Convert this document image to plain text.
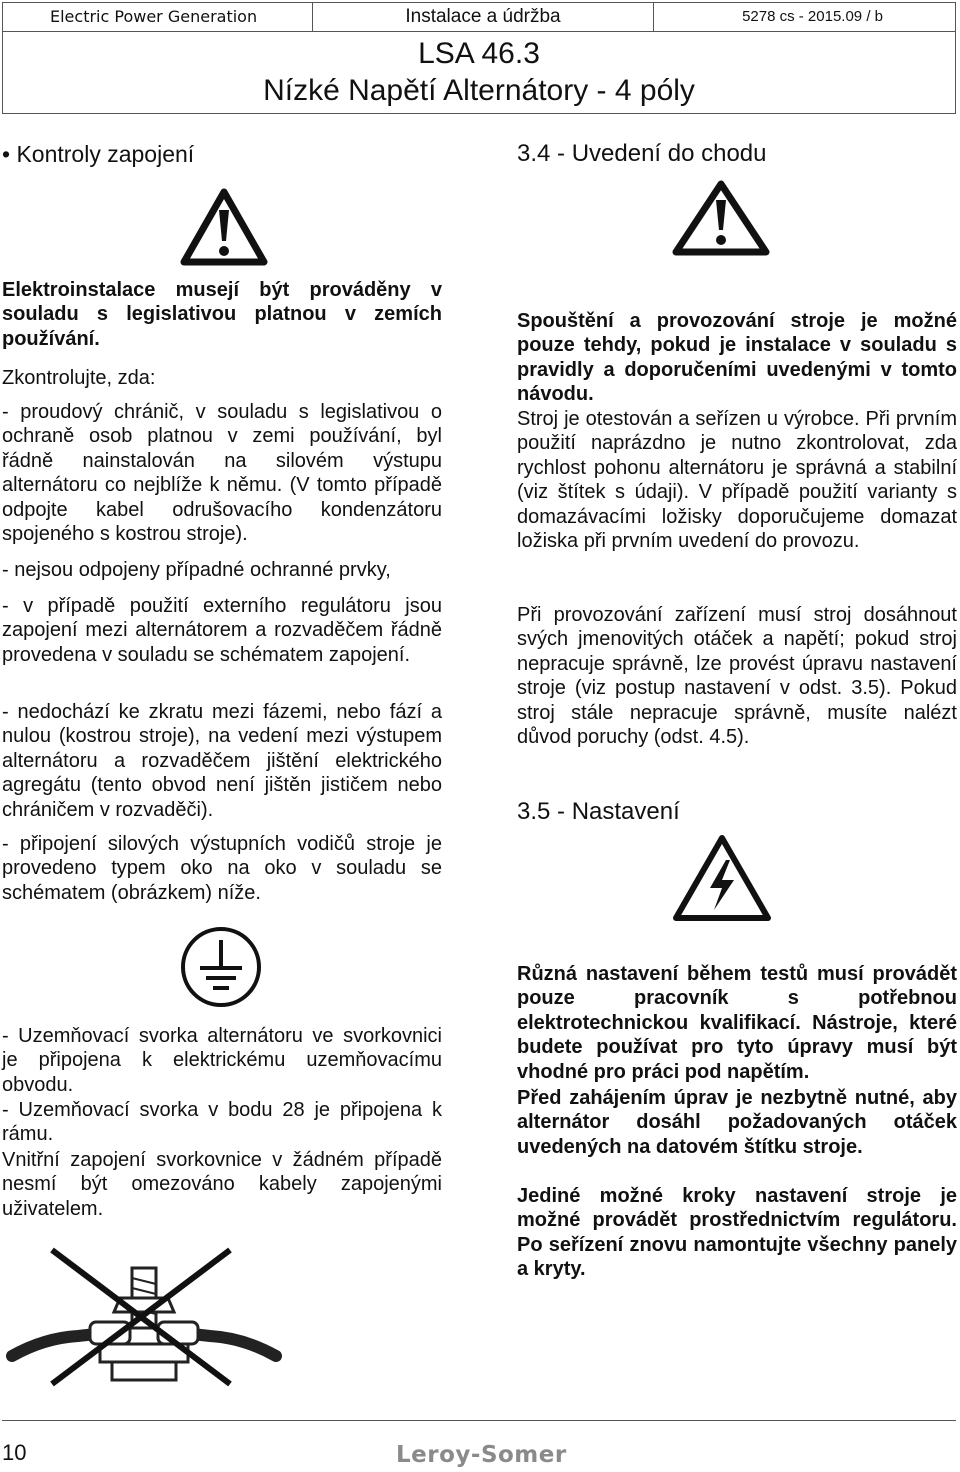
Electric Power Generation	Instalace a údržba	5278 cs - 2015.09 / b
LSA 46.3
Nízké Napětí Alternátory - 4 póly
• Kontroly zapojení
Elektroinstalace musejí být prováděny v souladu s legislativou platnou v zemích používání.
Zkontrolujte, zda:
- proudový chránič, v souladu s legislativou o ochraně osob platnou v zemi používání, byl řádně nainstalován na silovém výstupu alternátoru co nejblíže k němu. (V tomto případě odpojte kabel odrušovacího kondenzátoru spojeného s kostrou stroje).
- nejsou odpojeny případné ochranné prvky,
- v případě použití externího regulátoru jsou zapojení mezi alternátorem a rozvaděčem řádně provedena v souladu se schématem zapojení.
- nedochází ke zkratu mezi fázemi, nebo fází a nulou (kostrou stroje), na vedení mezi výstupem alternátoru a rozvaděčem jištění elektrického agregátu (tento obvod není jištěn jističem nebo chráničem v rozvaděči).
- připojení silových výstupních vodičů stroje je provedeno typem oko na oko v souladu se schématem (obrázkem) níže.
- Uzemňovací svorka alternátoru ve svorkovnici je připojena k elektrickému uzemňovacímu obvodu.
- Uzemňovací svorka v bodu 28 je připojena k rámu.
Vnitřní zapojení svorkovnice v žádném případě nesmí být omezováno kabely zapojenými uživatelem.
3.4 - Uvedení do chodu
Spouštění a provozování stroje je možné pouze tehdy, pokud je instalace v souladu s pravidly a doporučeními uvedenými v tomto návodu.
Stroj je otestován a seřízen u výrobce. Při prvním použití naprázdno je nutno zkontrolovat, zda rychlost pohonu alternátoru je správná a stabilní (viz štítek s údaji). V případě použití varianty s domazávacími ložisky doporučujeme domazat ložiska při prvním uvedení do provozu.
Při provozování zařízení musí stroj dosáhnout svých jmenovitých otáček a napětí; pokud stroj nepracuje správně, lze provést úpravu nastavení stroje (viz postup nastavení v odst. 3.5). Pokud stroj stále nepracuje správně, musíte nalézt důvod poruchy (odst. 4.5).
3.5 - Nastavení
Různá nastavení během testů musí provádět pouze pracovník s potřebnou elektrotechnickou kvalifikací. Nástroje, které budete používat pro tyto úpravy musí být vhodné pro práci pod napětím.
Před zahájením úprav je nezbytně nutné, aby alternátor dosáhl požadovaných otáček uvedených na datovém štítku stroje.
Jediné možné kroky nastavení stroje je možné provádět prostřednictvím regulátoru. Po seřízení znovu namontujte všechny panely a kryty.
10	Leroy-Somer
